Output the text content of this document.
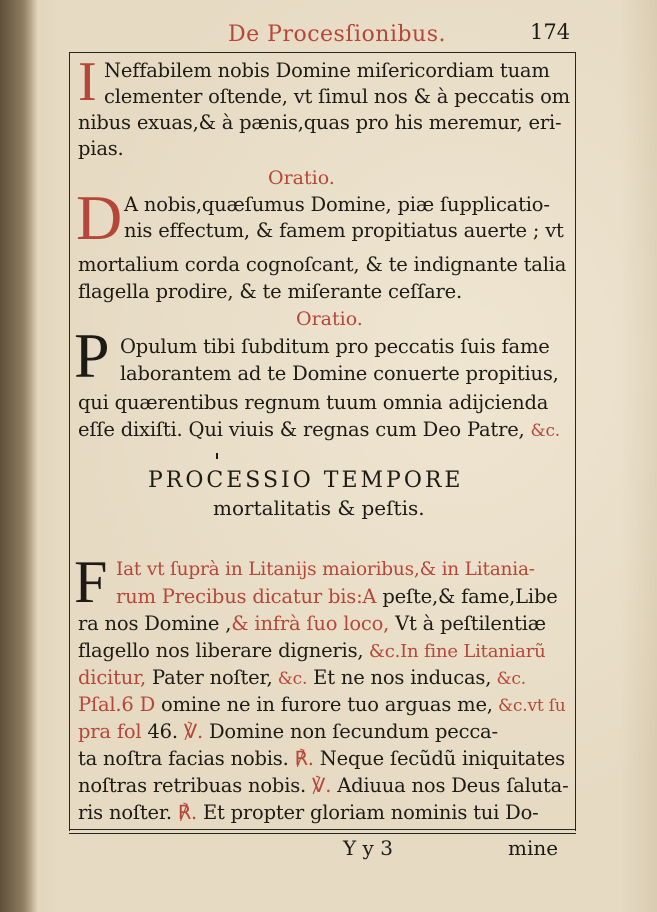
De Procesſionibus.	174
I Neffabilem nobis Domine miſericordiam tuam
clementer oſtende, vt ſimul nos & à peccatis om
nibus exuas,& à pænis,quas pro his meremur, eri-
pias.
Oratio.
D A nobis,quæſumus Domine, piæ ſupplicatio-
nis effectum, & famem propitiatus auerte ; vt
mortalium corda cognoſcant, & te indignante talia
flagella prodire, & te miſerante ceſſare.
Oratio.
P Opulum tibi ſubditum pro peccatis ſuis fame
laborantem ad te Domine conuerte propitius,
qui quærentibus regnum tuum omnia adijcienda
eſſe dixiſti. Qui viuis & regnas cum Deo Patre, &c.
PROCESSIO TEMPORE
mortalitatis & peſtis.
F Iat vt ſuprà in Litanijs maioribus,& in Litania-
rum Precibus dicatur bis:A peſte,& fame,Libe
ra nos Domine ,& infrà ſuo loco, Vt à peſtilentiæ
flagello nos liberare digneris, &c.In fine Litaniarũ
dicitur, Pater noſter, &c. Et ne nos inducas, &c.
Pſal.6 D omine ne in furore tuo arguas me, &c.vt ſu
pra fol 46. ℣. Domine non ſecundum pecca-
ta noſtra facias nobis. ℟. Neque ſecũdũ iniquitates
noſtras retribuas nobis. ℣. Adiuua nos Deus ſaluta-
ris noſter. ℟. Et propter gloriam nominis tui Do-
Y y 3	mine
